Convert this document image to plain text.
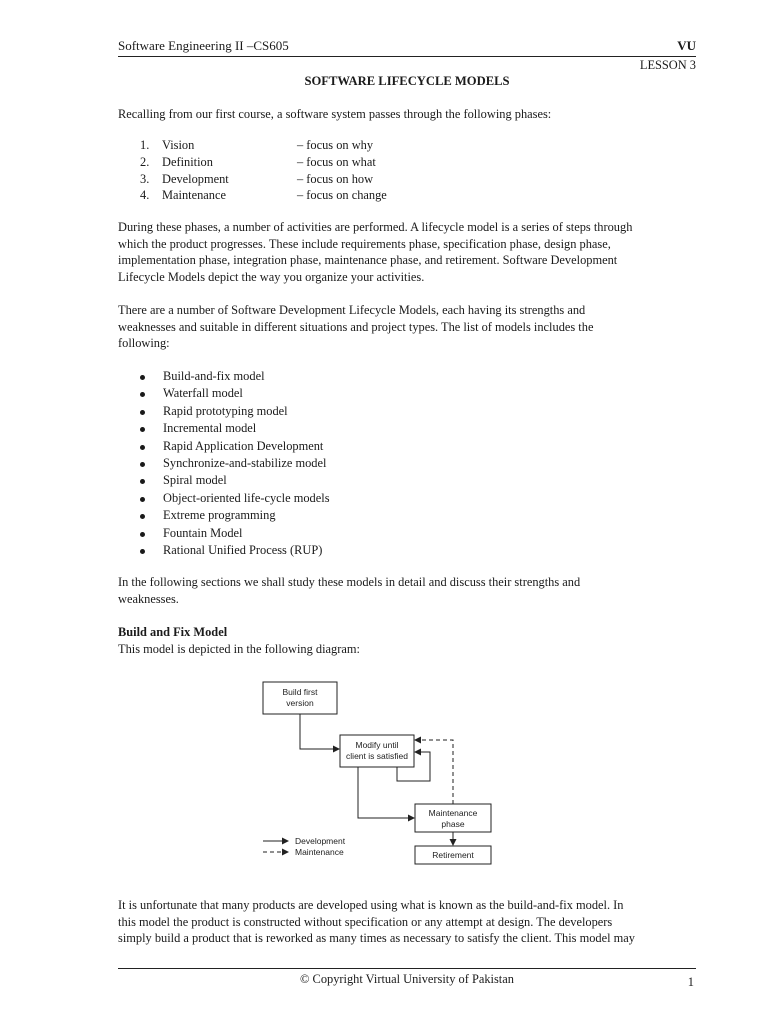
Software Engineering II –CS605	VU
LESSON 3
SOFTWARE LIFECYCLE MODELS

Recalling from our first course, a software system passes through the following phases:

1.	Vision	– focus on why
2.	Definition	– focus on what
3.	Development	– focus on how
4.	Maintenance	– focus on change
During these phases, a number of activities are performed. A lifecycle model is a series of steps through
which the product progresses. These include requirements phase, specification phase, design phase,
implementation phase, integration phase, maintenance phase, and retirement. Software Development
Lifecycle Models depict the way you organize your activities.
There are a number of Software Development Lifecycle Models, each having its strengths and
weaknesses and suitable in different situations and project types. The list of models includes the
following:
Build-and-fix model
Waterfall model
Rapid prototyping model
Incremental model
Rapid Application Development
Synchronize-and-stabilize model
Spiral model
Object-oriented life-cycle models
Extreme programming
Fountain Model
Rational Unified Process (RUP)
In the following sections we shall study these models in detail and discuss their strengths and
weaknesses.
Build and Fix Model
This model is depicted in the following diagram:
Build first
version
Modify until
client is satisfied
Maintenance
phase
Retirement
Development
Maintenance
It is unfortunate that many products are developed using what is known as the build-and-fix model. In
this model the product is constructed without specification or any attempt at design. The developers
simply build a product that is reworked as many times as necessary to satisfy the client. This model may
© Copyright Virtual University of Pakistan	1
